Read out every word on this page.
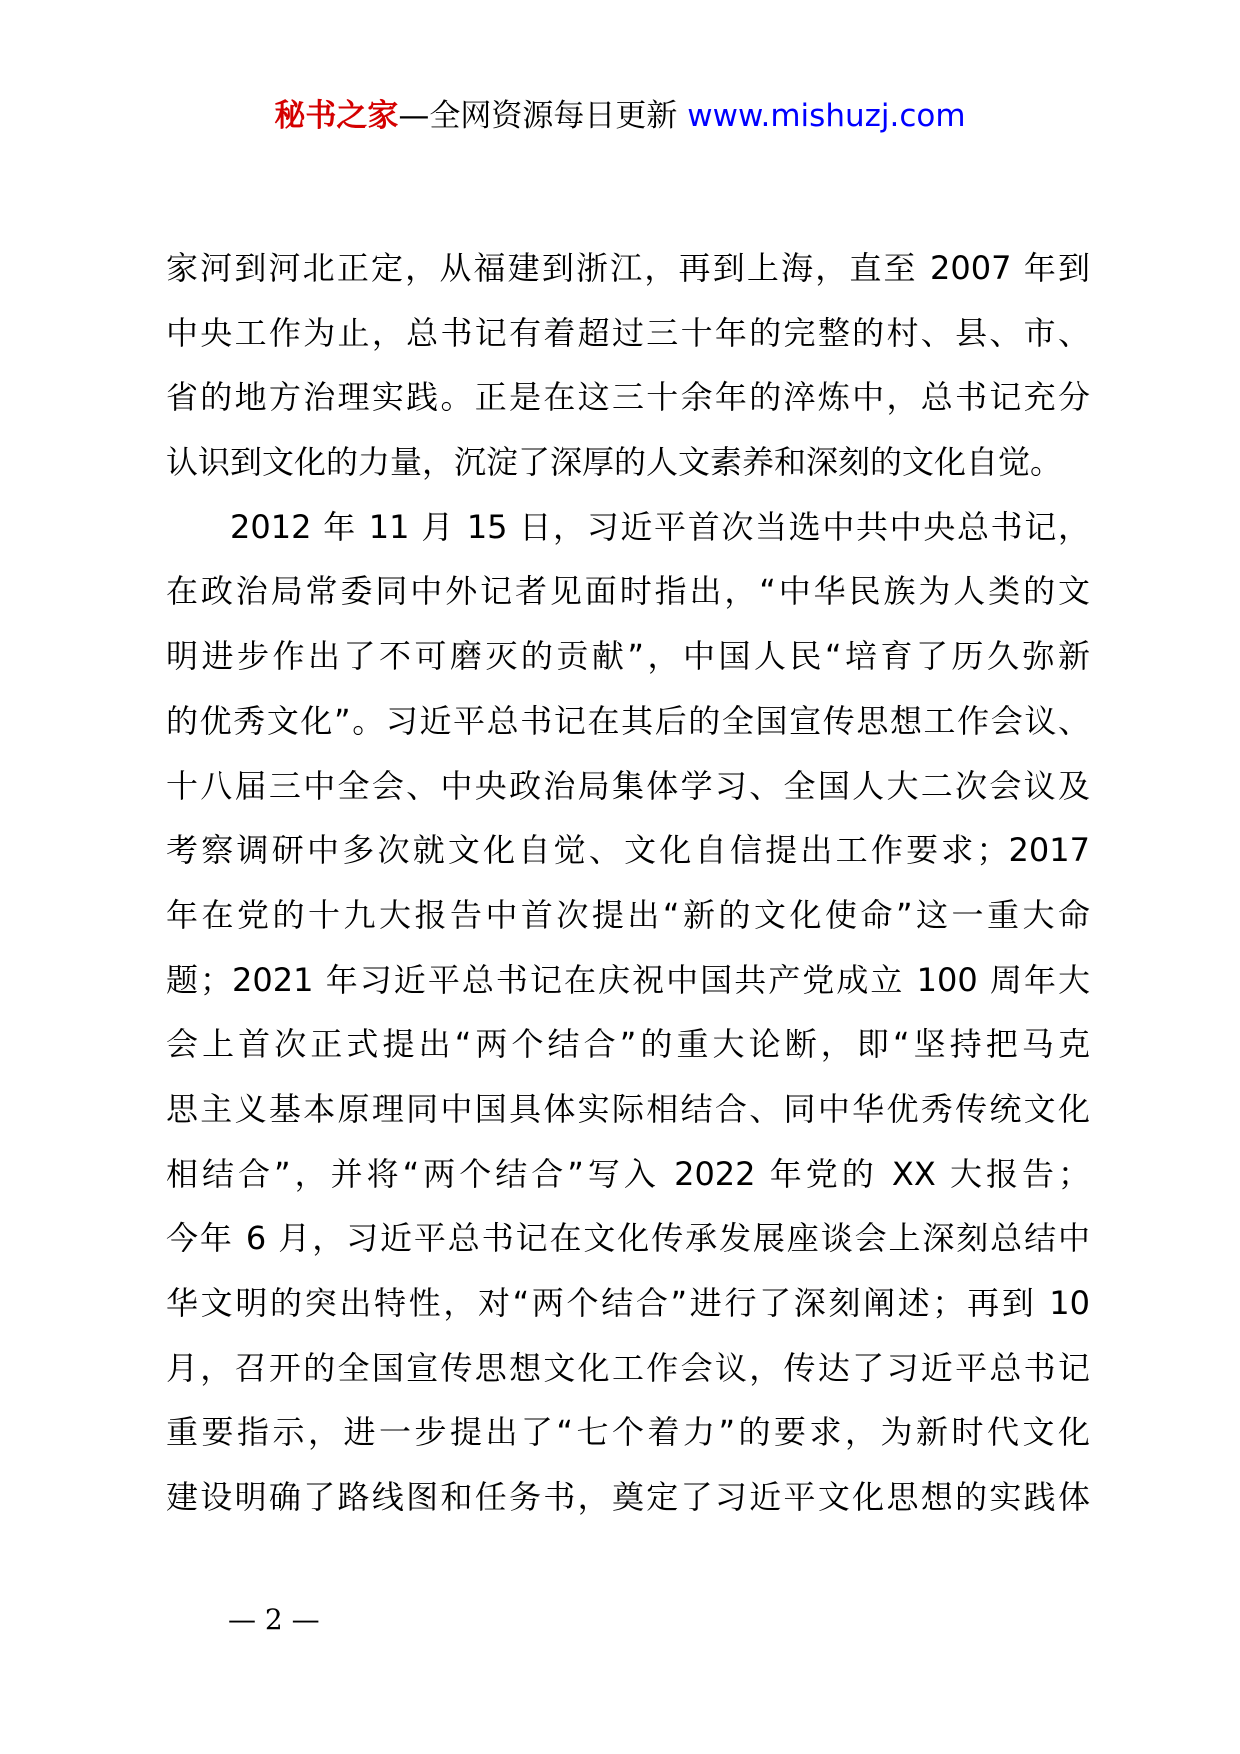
秘书之家—全网资源每日更新 www.mishuzj.com
家河到河北正定，从福建到浙江，再到上海，直至 2007 年到
中央工作为止，总书记有着超过三十年的完整的村、县、市、
省的地方治理实践。正是在这三十余年的淬炼中，总书记充分
认识到文化的力量，沉淀了深厚的人文素养和深刻的文化自觉。
2012 年 11 月 15 日，习近平首次当选中共中央总书记，
在政治局常委同中外记者见面时指出，“中华民族为人类的文
明进步作出了不可磨灭的贡献”，中国人民“培育了历久弥新
的优秀文化”。习近平总书记在其后的全国宣传思想工作会议、
十八届三中全会、中央政治局集体学习、全国人大二次会议及
考察调研中多次就文化自觉、文化自信提出工作要求；2017
年在党的十九大报告中首次提出“新的文化使命”这一重大命
题；2021 年习近平总书记在庆祝中国共产党成立 100 周年大
会上首次正式提出“两个结合”的重大论断，即“坚持把马克
思主义基本原理同中国具体实际相结合、同中华优秀传统文化
相结合”，并将“两个结合”写入 2022 年党的 XX 大报告；
今年 6 月，习近平总书记在文化传承发展座谈会上深刻总结中
华文明的突出特性，对“两个结合”进行了深刻阐述；再到 10
月，召开的全国宣传思想文化工作会议，传达了习近平总书记
重要指示，进一步提出了“七个着力”的要求，为新时代文化
建设明确了路线图和任务书，奠定了习近平文化思想的实践体
— 2 —
